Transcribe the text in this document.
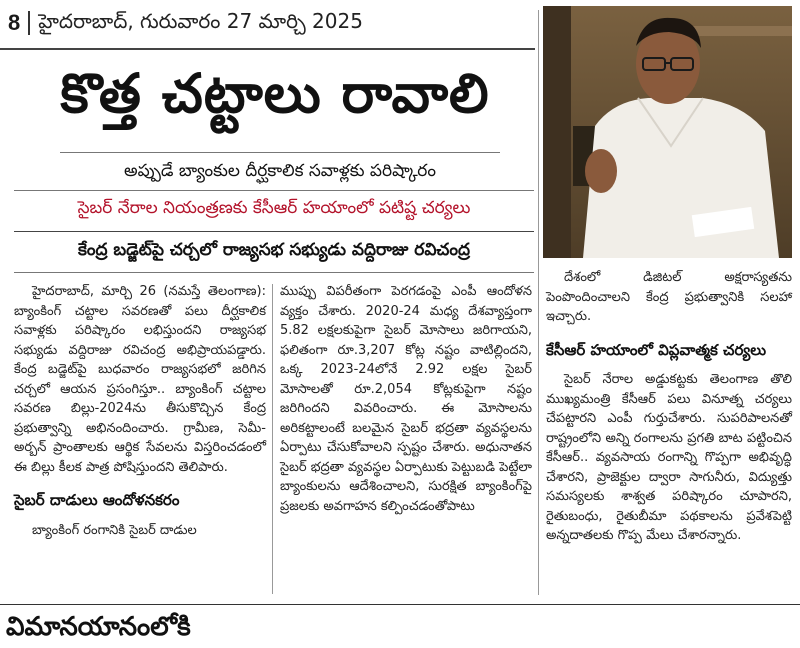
8 హైదరాబాద్, గురువారం 27 మార్చి 2025
కొత్త చట్టాలు రావాలి
అప్పుడే బ్యాంకుల దీర్ఘకాలిక సవాళ్లకు పరిష్కారం
సైబర్ నేరాల నియంత్రణకు కేసీఆర్ హయాంలో పటిష్ట చర్యలు
కేంద్ర బడ్జెట్‌పై చర్చలో రాజ్యసభ సభ్యుడు వద్దిరాజు రవిచంద్ర

హైదరాబాద్, మార్చి 26 (నమస్తే తెలంగాణ): బ్యాంకింగ్ చట్టాల సవరణతో పలు దీర్ఘకాలిక సవాళ్లకు పరిష్కారం లభిస్తుందని రాజ్యసభ సభ్యుడు వద్దిరాజు రవిచంద్ర అభిప్రాయపడ్డారు. కేంద్ర బడ్జెట్‌పై బుధవారం రాజ్యసభలో జరిగిన చర్చలో ఆయన ప్రసంగిస్తూ.. బ్యాంకింగ్ చట్టాల సవరణ బిల్లు-2024ను తీసుకొచ్చిన కేంద్ర ప్రభుత్వాన్ని అభినందించారు. గ్రామీణ, సెమీ-అర్బన్ ప్రాంతాలకు ఆర్థిక సేవలను విస్తరించడంలో ఈ బిల్లు కీలక పాత్ర పోషిస్తుందని తెలిపారు.

సైబర్ దాడులు ఆందోళనకరం

బ్యాంకింగ్ రంగానికి సైబర్ దాడుల

ముప్పు విపరీతంగా పెరగడంపై ఎంపీ ఆందోళన వ్యక్తం చేశారు. 2020-24 మధ్య దేశవ్యాప్తంగా 5.82 లక్షలకుపైగా సైబర్ మోసాలు జరిగాయని, ఫలితంగా రూ.3,207 కోట్ల నష్టం వాటిల్లిందని, ఒక్క 2023-24లోనే 2.92 లక్షల సైబర్ మోసాలతో రూ.2,054 కోట్లకుపైగా నష్టం జరిగిందని వివరించారు. ఈ మోసాలను అరికట్టాలంటే బలమైన సైబర్ భద్రతా వ్యవస్థలను ఏర్పాటు చేసుకోవాలని స్పష్టం చేశారు. అధునాతన సైబర్ భద్రతా వ్యవస్థల ఏర్పాటుకు పెట్టుబడి పెట్టేలా బ్యాంకులను ఆదేశించాలని, సురక్షిత బ్యాంకింగ్‌పై ప్రజలకు అవగాహన కల్పించడంతోపాటు

దేశంలో డిజిటల్ అక్షరాస్యతను పెంపొందించాలని కేంద్ర ప్రభుత్వానికి సలహా ఇచ్చారు.

కేసీఆర్ హయాంలో విప్లవాత్మక చర్యలు

సైబర్ నేరాల అడ్డుకట్టకు తెలంగాణ తొలి ముఖ్యమంత్రి కేసీఆర్ పలు వినూత్న చర్యలు చేపట్టారని ఎంపీ గుర్తుచేశారు. సుపరిపాలనతో రాష్ట్రంలోని అన్ని రంగాలను ప్రగతి బాట పట్టించిన కేసీఆర్.. వ్యవసాయ రంగాన్ని గొప్పగా అభివృద్ధి చేశారని, ప్రాజెక్టుల ద్వారా సాగునీరు, విద్యుత్తు సమస్యలకు శాశ్వత పరిష్కారం చూపారని, రైతుబంధు, రైతుబీమా పథకాలను ప్రవేశపెట్టి అన్నదాతలకు గొప్ప మేలు చేశారన్నారు.

విమానయానంలోకి
